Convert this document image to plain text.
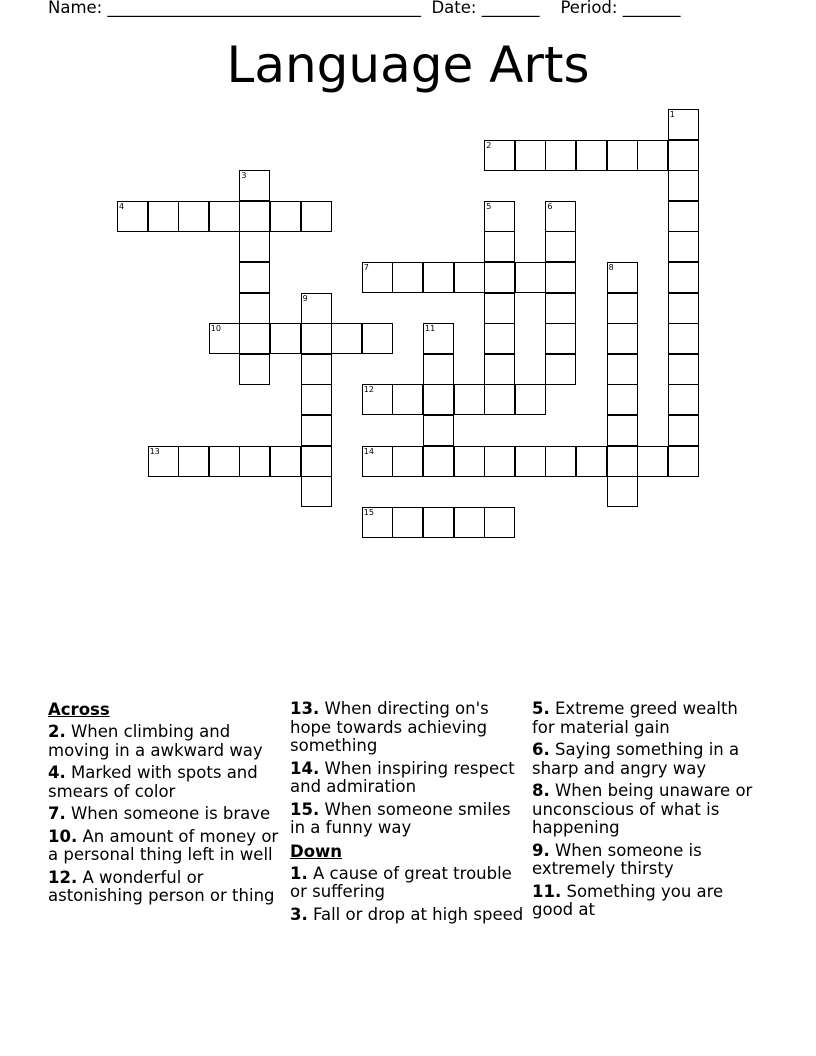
Name: ______________________________________  Date: _______    Period: _______
Language Arts
1
2
3
4	5	6
7	8
9
10	11
12
13	14
15
Across
2. When climbing and moving in a awkward way
4. Marked with spots and smears of color
7. When someone is brave
10. An amount of money or a personal thing left in well
12. A wonderful or astonishing person or thing
13. When directing on's hope towards achieving something
14. When inspiring respect and admiration
15. When someone smiles in a funny way
Down
1. A cause of great trouble or suffering
3. Fall or drop at high speed
5. Extreme greed wealth for material gain
6. Saying something in a sharp and angry way
8. When being unaware or unconscious of what is happening
9. When someone is extremely thirsty
11. Something you are good at
